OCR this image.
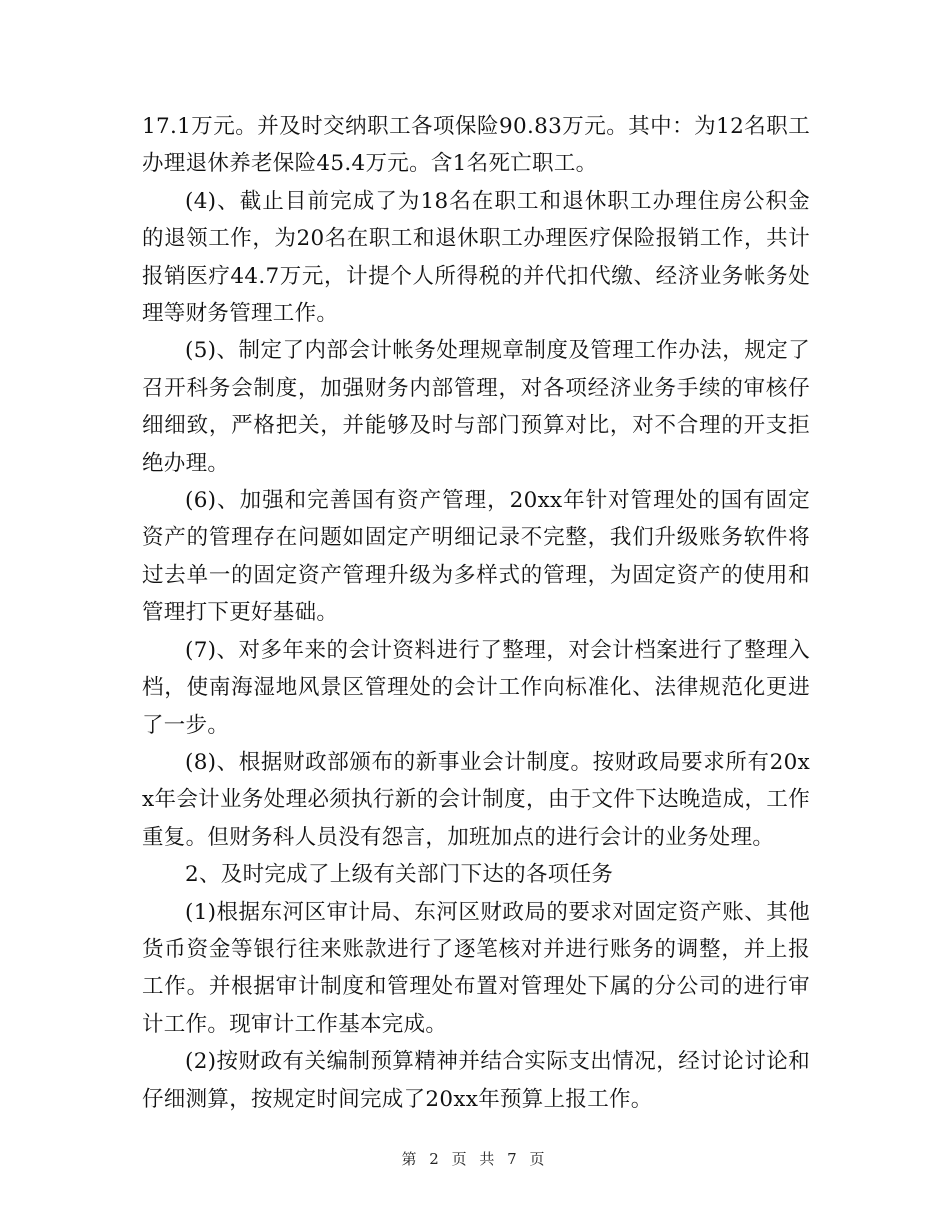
17.1万元。并及时交纳职工各项保险90.83万元。其中：为12名职工办理退休养老保险45.4万元。含1名死亡职工。

(4)、截止目前完成了为18名在职工和退休职工办理住房公积金的退领工作，为20名在职工和退休职工办理医疗保险报销工作，共计报销医疗44.7万元，计提个人所得税的并代扣代缴、经济业务帐务处理等财务管理工作。

(5)、制定了内部会计帐务处理规章制度及管理工作办法，规定了召开科务会制度，加强财务内部管理，对各项经济业务手续的审核仔细细致，严格把关，并能够及时与部门预算对比，对不合理的开支拒绝办理。

(6)、加强和完善国有资产管理，20xx年针对管理处的国有固定资产的管理存在问题如固定产明细记录不完整，我们升级账务软件将过去单一的固定资产管理升级为多样式的管理，为固定资产的使用和管理打下更好基础。

(7)、对多年来的会计资料进行了整理，对会计档案进行了整理入档，使南海湿地风景区管理处的会计工作向标准化、法律规范化更进了一步。

(8)、根据财政部颁布的新事业会计制度。按财政局要求所有20xx年会计业务处理必须执行新的会计制度，由于文件下达晚造成，工作重复。但财务科人员没有怨言，加班加点的进行会计的业务处理。

2、及时完成了上级有关部门下达的各项任务

(1)根据东河区审计局、东河区财政局的要求对固定资产账、其他货币资金等银行往来账款进行了逐笔核对并进行账务的调整，并上报工作。并根据审计制度和管理处布置对管理处下属的分公司的进行审计工作。现审计工作基本完成。

(2)按财政有关编制预算精神并结合实际支出情况，经讨论讨论和仔细测算，按规定时间完成了20xx年预算上报工作。

第 2 页 共 7 页
